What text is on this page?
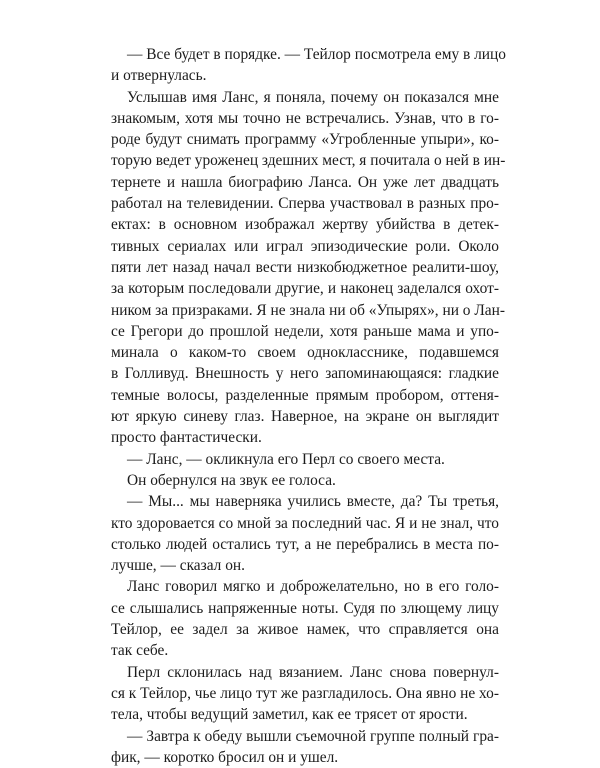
— Все будет в порядке. — Тейлор посмотрела ему в лицо
и отвернулась.
Услышав имя Ланс, я поняла, почему он показался мне
знакомым, хотя мы точно не встречались. Узнав, что в го-
роде будут снимать программу «Угробленные упыри», ко-
торую ведет уроженец здешних мест, я почитала о ней в ин-
тернете и нашла биографию Ланса. Он уже лет двадцать
работал на телевидении. Сперва участвовал в разных про-
ектах: в основном изображал жертву убийства в детек-
тивных сериалах или играл эпизодические роли. Около
пяти лет назад начал вести низкобюджетное реалити-шоу,
за которым последовали другие, и наконец заделался охот-
ником за призраками. Я не знала ни об «Упырях», ни о Лан-
се Грегори до прошлой недели, хотя раньше мама и упо-
минала о каком-то своем однокласснике, подавшемся
в Голливуд. Внешность у него запоминающаяся: гладкие
темные волосы, разделенные прямым пробором, оттеня-
ют яркую синеву глаз. Наверное, на экране он выглядит
просто фантастически.
— Ланс, — окликнула его Перл со своего места.
Он обернулся на звук ее голоса.
— Мы... мы наверняка учились вместе, да? Ты третья,
кто здоровается со мной за последний час. Я и не знал, что
столько людей остались тут, а не перебрались в места по-
лучше, — сказал он.
Ланс говорил мягко и доброжелательно, но в его голо-
се слышались напряженные ноты. Судя по злющему лицу
Тейлор, ее задел за живое намек, что справляется она
так себе.
Перл склонилась над вязанием. Ланс снова повернул-
ся к Тейлор, чье лицо тут же разгладилось. Она явно не хо-
тела, чтобы ведущий заметил, как ее трясет от ярости.
— Завтра к обеду вышли съемочной группе полный гра-
фик, — коротко бросил он и ушел.
